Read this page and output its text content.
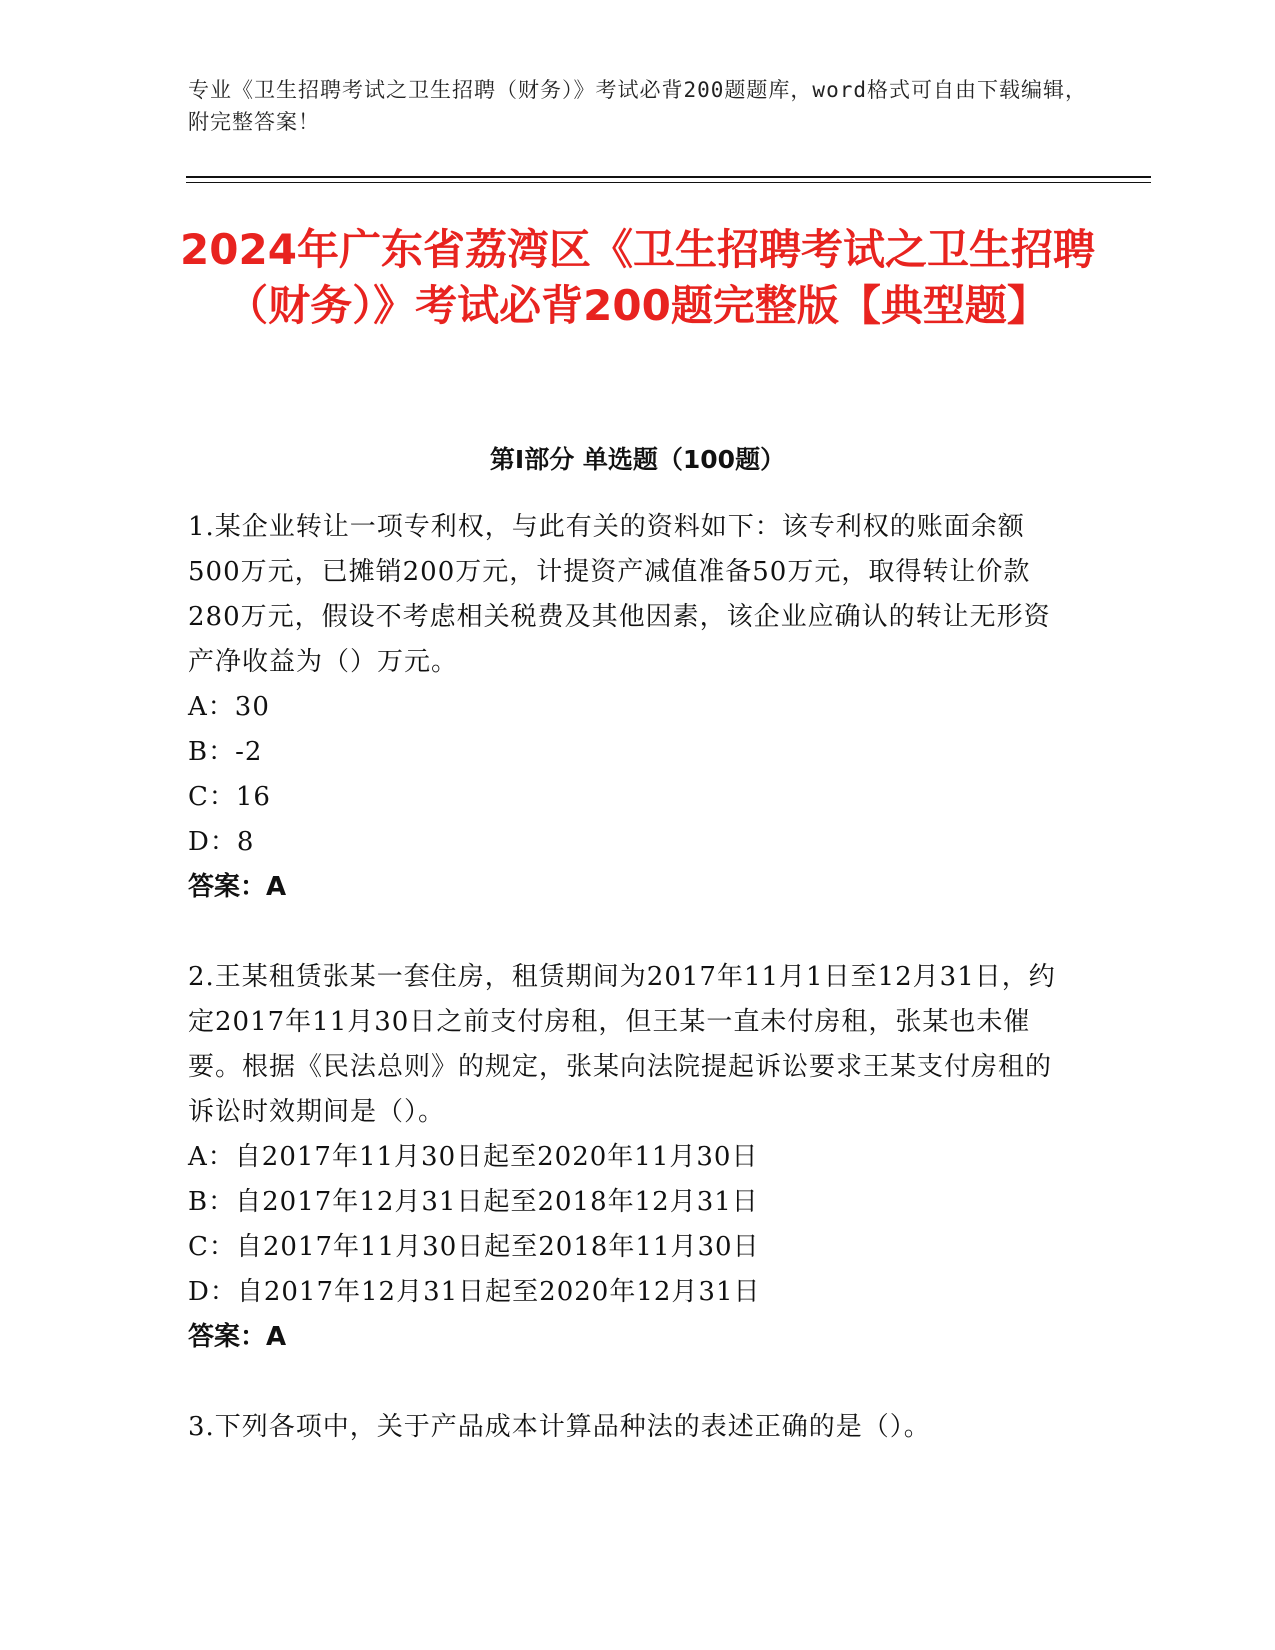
专业《卫生招聘考试之卫生招聘（财务）》考试必背200题题库，word格式可自由下载编辑，附完整答案！
2024年广东省荔湾区《卫生招聘考试之卫生招聘（财务）》考试必背200题完整版【典型题】
第Ⅰ部分 单选题（100题）
1.某企业转让一项专利权，与此有关的资料如下：该专利权的账面余额500万元，已摊销200万元，计提资产减值准备50万元，取得转让价款280万元，假设不考虑相关税费及其他因素，该企业应确认的转让无形资产净收益为（）万元。
A：30
B：-2
C：16
D：8
答案：A
2.王某租赁张某一套住房，租赁期间为2017年11月1日至12月31日，约定2017年11月30日之前支付房租，但王某一直未付房租，张某也未催要。根据《民法总则》的规定，张某向法院提起诉讼要求王某支付房租的诉讼时效期间是（）。
A：自2017年11月30日起至2020年11月30日
B：自2017年12月31日起至2018年12月31日
C：自2017年11月30日起至2018年11月30日
D：自2017年12月31日起至2020年12月31日
答案：A
3.下列各项中，关于产品成本计算品种法的表述正确的是（）。
